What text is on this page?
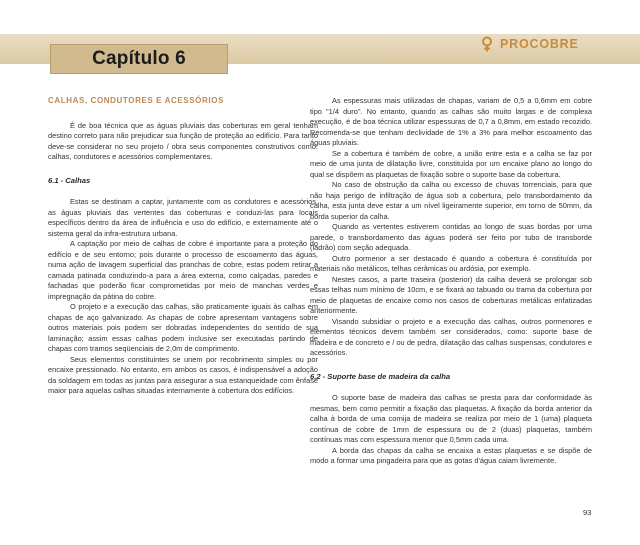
Capítulo 6
PROCOBRE
CALHAS, CONDUTORES E ACESSÓRIOS

É de boa técnica que as águas pluviais das coberturas em geral tenham destino correto para não prejudicar sua função de proteção ao edifício. Para tanto deve-se considerar no seu projeto / obra seus componentes construtivos como: calhas, condutores e acessórios complementares.

6.1 - Calhas

Estas se destinam a captar, juntamente com os condutores e acessórios, as águas pluviais das vertentes das coberturas e conduzi-las para locais específicos dentro da área de influência e uso do edifício, e externamente até o sistema geral da infra-estrutura urbana.

A captação por meio de calhas de cobre é importante para a proteção do edifício e de seu entorno; pois durante o processo de escoamento das águas, numa ação de lavagem superficial das pranchas de cobre, estas podem retirar a camada patinada conduzindo-a para a área externa, como calçadas, paredes e fachadas que poderão ficar comprometidas por meio de manchas verdes e impregnação da pátina do cobre.

O projeto e a execução das calhas, são praticamente iguais às calhas em chapas de aço galvanizado. As chapas de cobre apresentam vantagens sobre outros materiais pois podem ser dobradas independentes do sentido de sua laminação; assim essas calhas podem inclusive ser executadas partindo de chapas com tramos seqüenciais de 2,0m de comprimento.

Seus elementos constituintes se unem por recobrimento simples ou por encaixe pressionado. No entanto, em ambos os casos, é indispensável a adoção da soldagem em todas as juntas para assegurar a sua estanqueidade com ênfase maior para aquelas calhas situadas internamente à cobertura dos edifícios.

As espessuras mais utilizadas de chapas, variam de 0,5 a 0,6mm em cobre tipo "1/4 duro". No entanto, quando as calhas são muito largas e de complexa execução, é de boa técnica utilizar espessuras de 0,7 a 0,8mm, em estado recozido. Recomenda-se que tenham declividade de 1% a 3% para melhor escoamento das águas pluviais.

Se a cobertura é também de cobre, a união entre esta e a calha se faz por meio de uma junta de dilatação livre, constituída por um encaixe plano ao longo do qual se dispõem as plaquetas de fixação sobre o suporte base da cobertura.

No caso de obstrução da calha ou excesso de chuvas torrenciais, para que não haja perigo de infiltração de água sob a cobertura, pelo transbordamento da calha, esta junta deve estar a um nível ligeiramente superior, em torno de 50mm, da borda superior da calha.

Quando as vertentes estiverem contidas ao longo de suas bordas por uma parede, o transbordamento das águas poderá ser feito por tubo de transborde (ladrão) com seção adequada.

Outro pormenor a ser destacado é quando a cobertura é constituída por materiais não metálicos, telhas cerâmicas ou ardósia, por exemplo.

Nestes casos, a parte traseira (posterior) da calha deverá se prolongar sob essas telhas num mínimo de 10cm, e se fixará ao tabuado ou trama da cobertura por meio de plaquetas de encaixe como nos casos de coberturas metálicas enfatizadas anteriormente.

Visando subsidiar o projeto e a execução das calhas, outros pormenores e elementos técnicos devem também ser considerados, como: suporte base de madeira e de concreto e / ou de pedra, dilatação das calhas suspensas, condutores e acessórios.

6.2 - Suporte base de madeira da calha

O suporte base de madeira das calhas se presta para dar conformidade às mesmas, bem como permitir a fixação das plaquetas. A fixação da borda anterior da calha à borda de uma cornija de madeira se realiza por meio de 1 (uma) plaqueta contínua de cobre de 1mm de espessura ou de 2 (duas) plaquetas, também contínuas mas com espessura menor que 0,5mm cada uma.

A borda das chapas da calha se encaixa a estas plaquetas e se dispõe de modo a formar uma pingadeira para que as gotas d'água caiam livremente.

93
